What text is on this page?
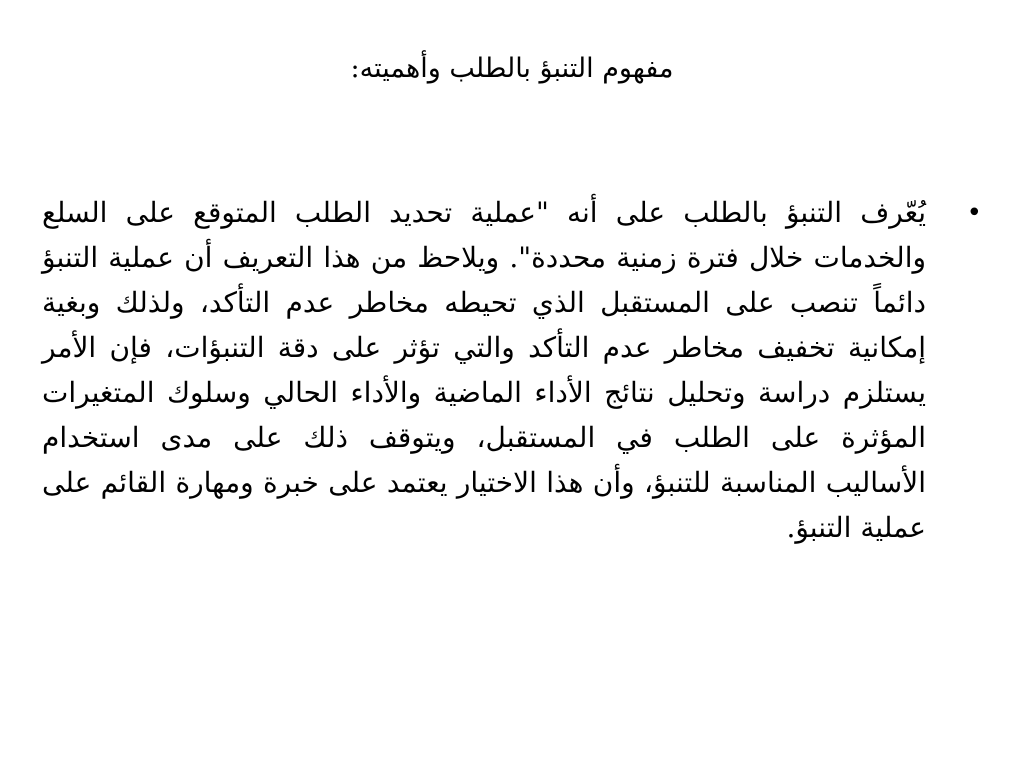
مفهوم التنبؤ بالطلب وأهميته:
•

يُعّرف التنبؤ بالطلب على أنه "عملية تحديد الطلب المتوقع على السلع والخدمات خلال فترة زمنية محددة". ويلاحظ من هذا التعريف أن عملية التنبؤ دائماً تنصب على المستقبل الذي تحيطه مخاطر عدم التأكد، ولذلك وبغية إمكانية تخفيف مخاطر عدم التأكد والتي تؤثر على دقة التنبؤات، فإن الأمر يستلزم دراسة وتحليل نتائج الأداء الماضية والأداء الحالي وسلوك المتغيرات المؤثرة على الطلب في المستقبل، ويتوقف ذلك على مدى استخدام الأساليب المناسبة للتنبؤ، وأن هذا الاختيار يعتمد على خبرة ومهارة القائم على عملية التنبؤ.
